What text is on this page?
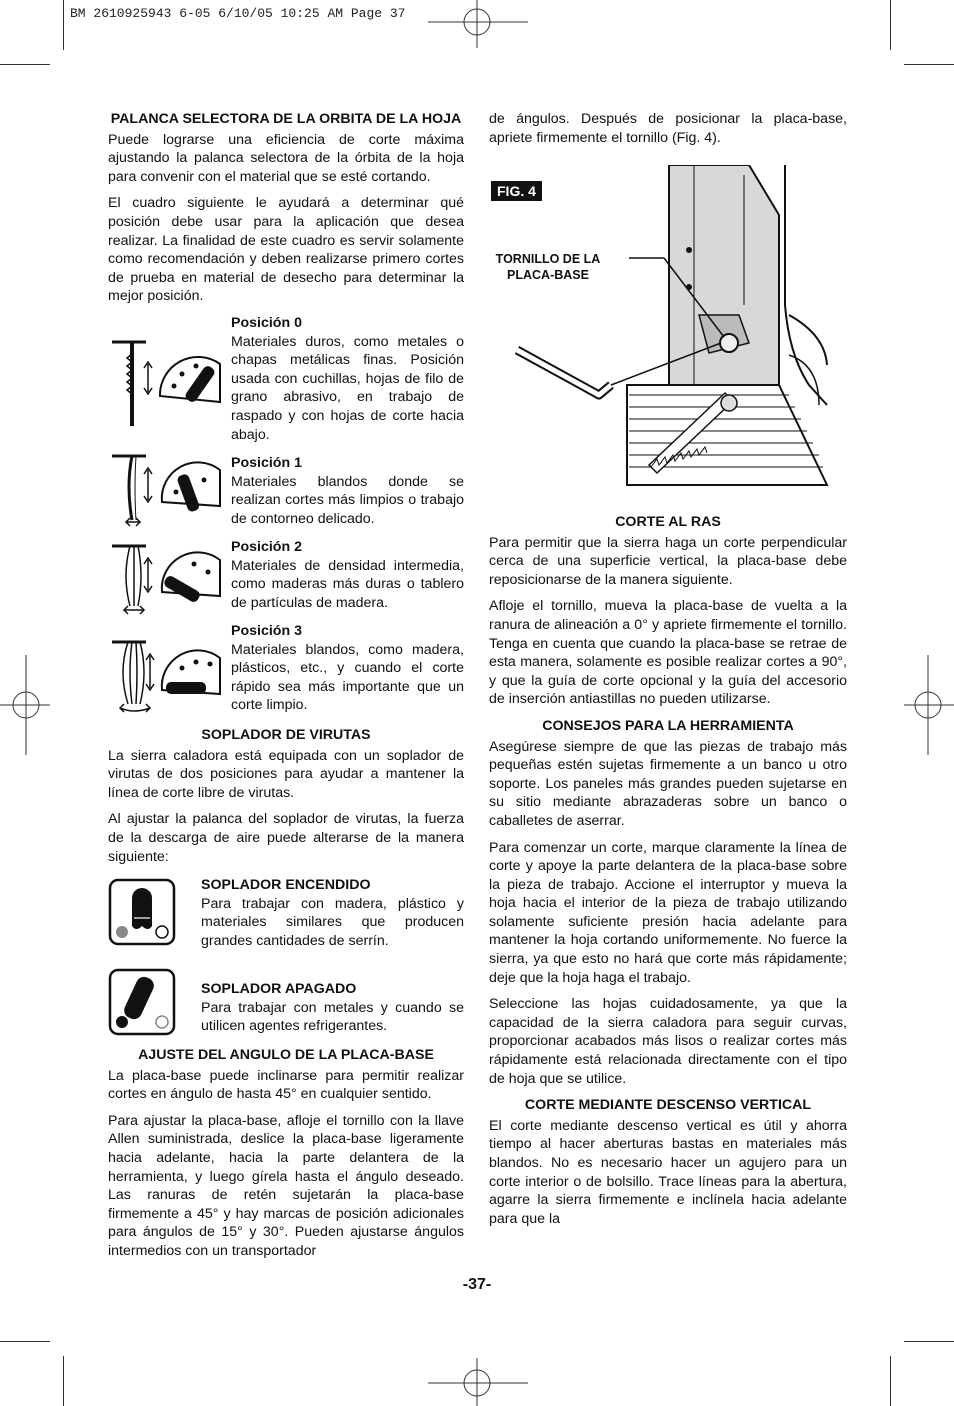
BM 2610925943 6-05 6/10/05 10:25 AM Page 37
PALANCA SELECTORA DE LA ORBITA DE LA HOJA

Puede lograrse una eficiencia de corte máxima ajustando la palanca selectora de la órbita de la hoja para convenir con el material que se esté cortando.

El cuadro siguiente le ayudará a determinar qué posición debe usar para la aplicación que desea realizar. La finalidad de este cuadro es servir solamente como recomendación y deben realizarse primero cortes de prueba en material de desecho para determinar la mejor posición.

Posición 0

Materiales duros, como metales o chapas metálicas finas. Posición usada con cuchillas, hojas de filo de grano abrasivo, en trabajo de raspado y con hojas de corte hacia abajo.

Posición 1

Materiales blandos donde se realizan cortes más limpios o trabajo de contorneo delicado.

Posición 2

Materiales de densidad intermedia, como maderas más duras o tablero de partículas de madera.

Posición 3

Materiales blandos, como madera, plásticos, etc., y cuando el corte rápido sea más importante que un corte limpio.

SOPLADOR DE VIRUTAS

La sierra caladora está equipada con un soplador de virutas de dos posiciones para ayudar a mantener la línea de corte libre de virutas.

Al ajustar la palanca del soplador de virutas, la fuerza de la descarga de aire puede alterarse de la manera siguiente:

SOPLADOR ENCENDIDO

Para trabajar con madera, plástico y materiales similares que producen grandes cantidades de serrín.

SOPLADOR APAGADO

Para trabajar con metales y cuando se utilicen agentes refrigerantes.

AJUSTE DEL ANGULO DE LA PLACA-BASE

La placa-base puede inclinarse para permitir realizar cortes en ángulo de hasta 45° en cualquier sentido.

Para ajustar la placa-base, afloje el tornillo con la llave Allen suministrada, deslice la placa-base ligeramente hacia adelante, hacia la parte delantera de la herramienta, y luego gírela hasta el ángulo deseado. Las ranuras de retén sujetarán la placa-base firmemente a 45° y hay marcas de posición adicionales para ángulos de 15° y 30°. Pueden ajustarse ángulos intermedios con un transportador

de ángulos. Después de posicionar la placa-base, apriete firmemente el tornillo (Fig. 4).

FIG. 4
TORNILLO DE LA PLACA-BASE
CORTE AL RAS

Para permitir que la sierra haga un corte perpendicular cerca de una superficie vertical, la placa-base debe reposicionarse de la manera siguiente.

Afloje el tornillo, mueva la placa-base de vuelta a la ranura de alineación a 0° y apriete firmemente el tornillo. Tenga en cuenta que cuando la placa-base se retrae de esta manera, solamente es posible realizar cortes a 90°, y que la guía de corte opcional y la guía del accesorio de inserción antiastillas no pueden utilizarse.

CONSEJOS PARA LA HERRAMIENTA

Asegúrese siempre de que las piezas de trabajo más pequeñas estén sujetas firmemente a un banco u otro soporte. Los paneles más grandes pueden sujetarse en su sitio mediante abrazaderas sobre un banco o caballetes de aserrar.

Para comenzar un corte, marque claramente la línea de corte y apoye la parte delantera de la placa-base sobre la pieza de trabajo. Accione el interruptor y mueva la hoja hacia el interior de la pieza de trabajo utilizando solamente suficiente presión hacia adelante para mantener la hoja cortando uniformemente. No fuerce la sierra, ya que esto no hará que corte más rápidamente; deje que la hoja haga el trabajo.

Seleccione las hojas cuidadosamente, ya que la capacidad de la sierra caladora para seguir curvas, proporcionar acabados más lisos o realizar cortes más rápidamente está relacionada directamente con el tipo de hoja que se utilice.

CORTE MEDIANTE DESCENSO VERTICAL

El corte mediante descenso vertical es útil y ahorra tiempo al hacer aberturas bastas en materiales más blandos. No es necesario hacer un agujero para un corte interior o de bolsillo. Trace líneas para la abertura, agarre la sierra firmemente e inclínela hacia adelante para que la

-37-
